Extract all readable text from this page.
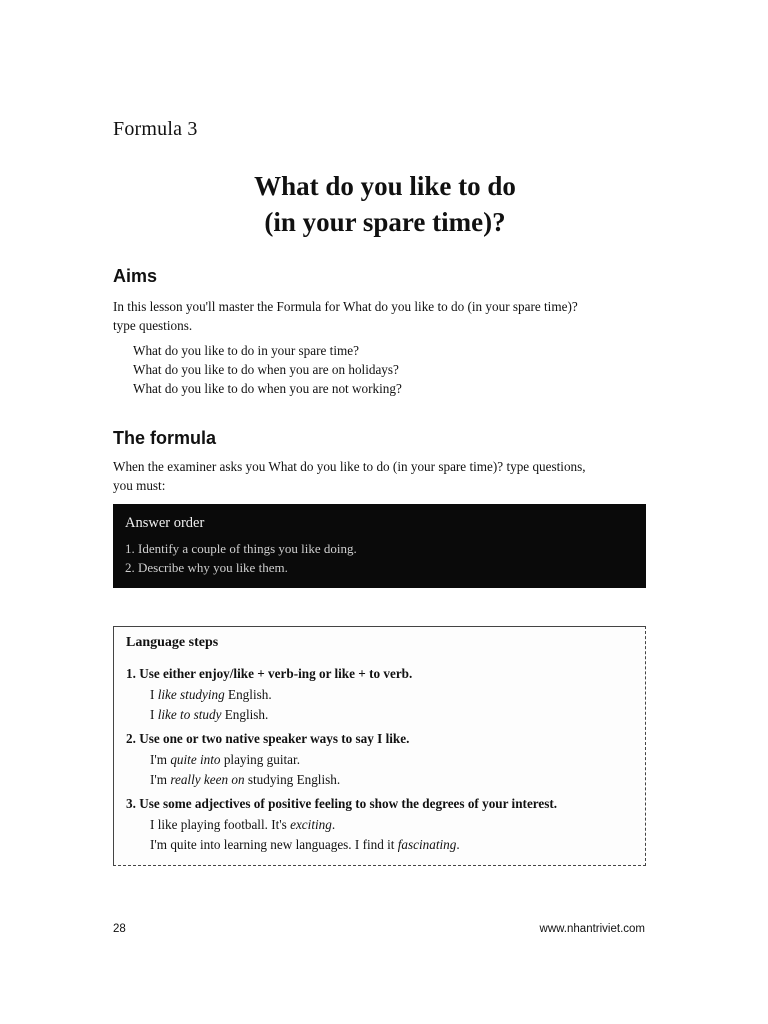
Formula 3
What do you like to do
(in your spare time)?
Aims
In this lesson you'll master the Formula for What do you like to do (in your spare time)?
type questions.
What do you like to do in your spare time?
What do you like to do when you are on holidays?
What do you like to do when you are not working?
The formula
When the examiner asks you What do you like to do (in your spare time)? type questions,
you must:
Answer order
1. Identify a couple of things you like doing.
2. Describe why you like them.
Language steps
1. Use either enjoy/like + verb-ing or like + to verb.
I like studying English.
I like to study English.
2. Use one or two native speaker ways to say I like.
I'm quite into playing guitar.
I'm really keen on studying English.
3. Use some adjectives of positive feeling to show the degrees of your interest.
I like playing football. It's exciting.
I'm quite into learning new languages. I find it fascinating.
28	www.nhantriviet.com
